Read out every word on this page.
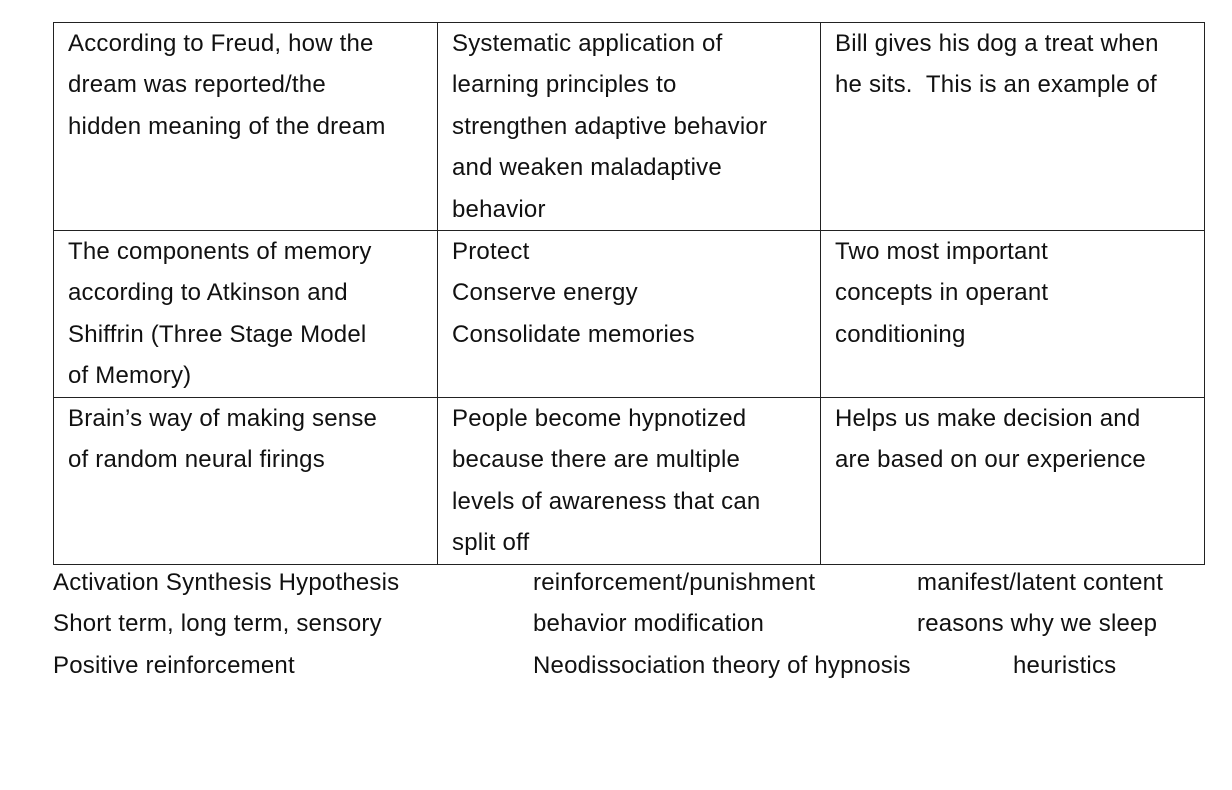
According to Freud, how the
dream was reported/the
hidden meaning of the dream	Systematic application of
learning principles to
strengthen adaptive behavior
and weaken maladaptive
behavior	Bill gives his dog a treat when
he sits.  This is an example of

The components of memory
according to Atkinson and
Shiffrin (Three Stage Model
of Memory)	Protect
Conserve energy
Consolidate memories	Two most important
concepts in operant
conditioning

Brain’s way of making sense
of random neural firings	People become hypnotized
because there are multiple
levels of awareness that can
split off	Helps us make decision and
are based on our experience
Activation Synthesis Hypothesis	reinforcement/punishment	manifest/latent content
Short term, long term, sensory	behavior modification	reasons why we sleep
Positive reinforcement	Neodissociation theory of hypnosis	heuristics
